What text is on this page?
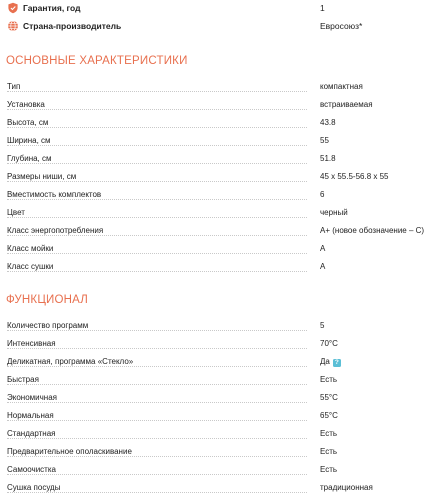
Гарантия, год	1
Страна-производитель	Евросоюз*
ОСНОВНЫЕ ХАРАКТЕРИСТИКИ
Тип	компактная
Установка	встраиваемая
Высота, см	43.8
Ширина, см	55
Глубина, см	51.8
Размеры ниши, см	45 x 55.5-56.8 x 55
Вместимость комплектов	6
Цвет	черный
Класс энергопотребления	A+ (новое обозначение – C)
Класс мойки	A
Класс сушки	A
ФУНКЦИОНАЛ
Количество программ	5
Интенсивная	70°C
Деликатная, программа «Стекло»	Да ?
Быстрая	Есть
Экономичная	55°C
Нормальная	65°C
Стандартная	Есть
Предварительное ополаскивание	Есть
Самоочистка	Есть
Сушка посуды	традиционная
